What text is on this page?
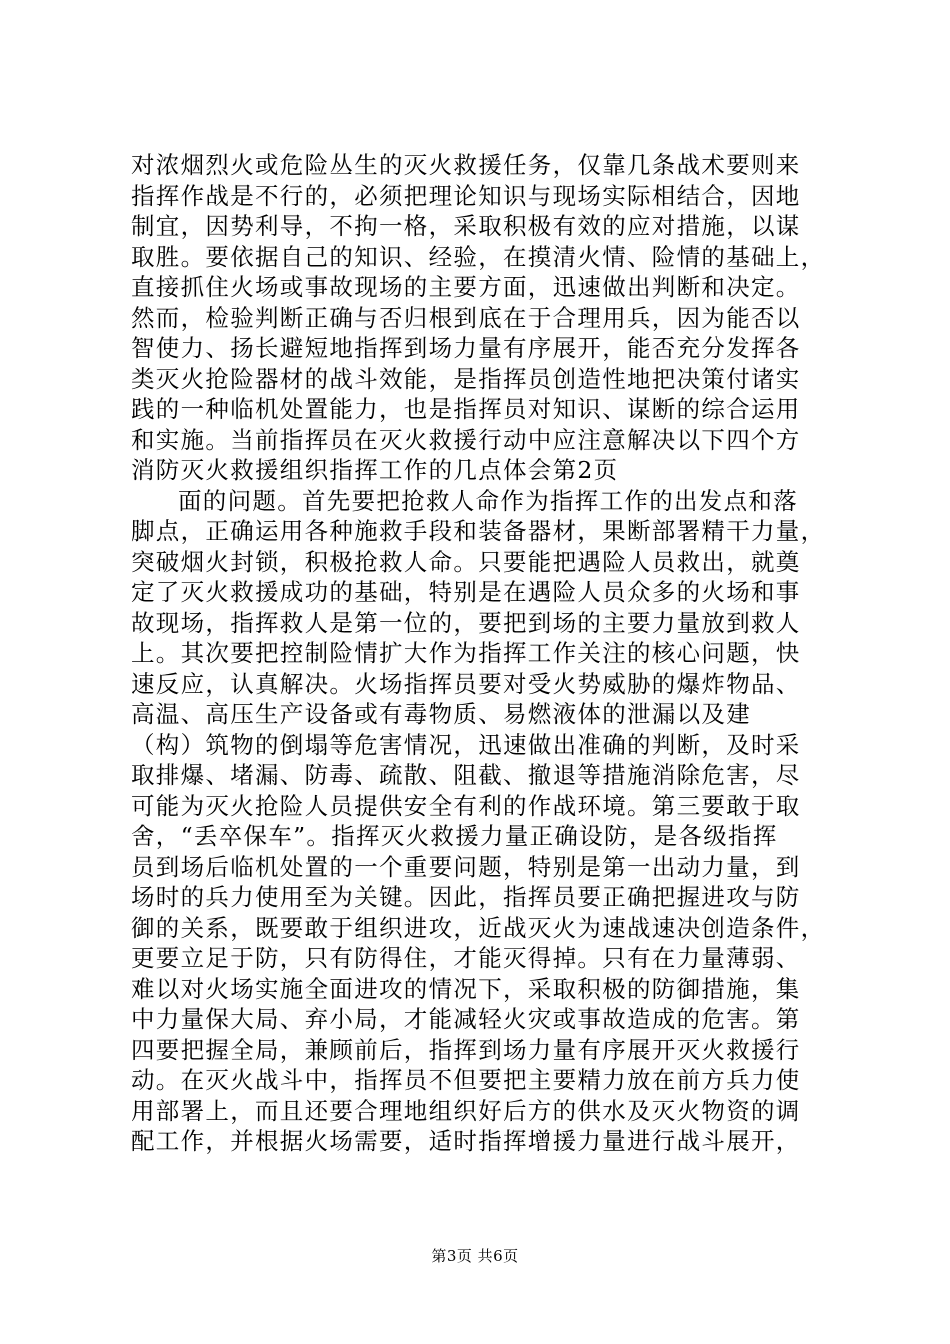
对浓烟烈火或危险丛生的灭火救援任务，仅靠几条战术要则来
指挥作战是不行的，必须把理论知识与现场实际相结合，因地
制宜，因势利导，不拘一格，采取积极有效的应对措施，以谋
取胜。要依据自己的知识、经验，在摸清火情、险情的基础上，
直接抓住火场或事故现场的主要方面，迅速做出判断和决定。
然而，检验判断正确与否归根到底在于合理用兵，因为能否以
智使力、扬长避短地指挥到场力量有序展开，能否充分发挥各
类灭火抢险器材的战斗效能，是指挥员创造性地把决策付诸实
践的一种临机处置能力，也是指挥员对知识、谋断的综合运用
和实施。当前指挥员在灭火救援行动中应注意解决以下四个方
消防灭火救援组织指挥工作的几点体会第2页
面的问题。首先要把抢救人命作为指挥工作的出发点和落
脚点，正确运用各种施救手段和装备器材，果断部署精干力量，
突破烟火封锁，积极抢救人命。只要能把遇险人员救出，就奠
定了灭火救援成功的基础，特别是在遇险人员众多的火场和事
故现场，指挥救人是第一位的，要把到场的主要力量放到救人
上。其次要把控制险情扩大作为指挥工作关注的核心问题，快
速反应，认真解决。火场指挥员要对受火势威胁的爆炸物品、
高温、高压生产设备或有毒物质、易燃液体的泄漏以及建
（构）筑物的倒塌等危害情况，迅速做出准确的判断，及时采
取排爆、堵漏、防毒、疏散、阻截、撤退等措施消除危害，尽
可能为灭火抢险人员提供安全有利的作战环境。第三要敢于取
舍，“丢卒保车”。指挥灭火救援力量正确设防，是各级指挥
员到场后临机处置的一个重要问题，特别是第一出动力量，到
场时的兵力使用至为关键。因此，指挥员要正确把握进攻与防
御的关系，既要敢于组织进攻，近战灭火为速战速决创造条件，
更要立足于防，只有防得住，才能灭得掉。只有在力量薄弱、
难以对火场实施全面进攻的情况下，采取积极的防御措施，集
中力量保大局、弃小局，才能减轻火灾或事故造成的危害。第
四要把握全局，兼顾前后，指挥到场力量有序展开灭火救援行
动。在灭火战斗中，指挥员不但要把主要精力放在前方兵力使
用部署上，而且还要合理地组织好后方的供水及灭火物资的调
配工作，并根据火场需要，适时指挥增援力量进行战斗展开，
第3页 共6页
